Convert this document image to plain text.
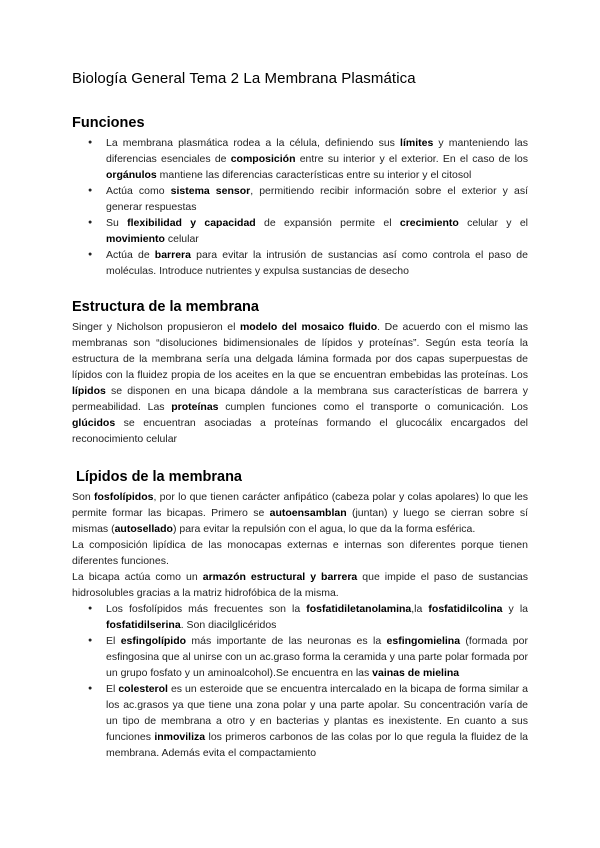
Biología General Tema 2 La Membrana Plasmática
Funciones
● La membrana plasmática rodea a la célula, definiendo sus límites y manteniendo las diferencias esenciales de composición entre su interior y el exterior. En el caso de los orgánulos mantiene las diferencias características entre su interior y el citosol
● Actúa como sistema sensor, permitiendo recibir información sobre el exterior y así generar respuestas
● Su flexibilidad y capacidad de expansión permite el crecimiento celular y el movimiento celular
● Actúa de barrera para evitar la intrusión de sustancias así como controla el paso de moléculas. Introduce nutrientes y expulsa sustancias de desecho
Estructura de la membrana

Singer y Nicholson propusieron el modelo del mosaico fluido. De acuerdo con el mismo las membranas son “disoluciones bidimensionales de lípidos y proteínas”. Según esta teoría la estructura de la membrana sería una delgada lámina formada por dos capas superpuestas de lípidos con la fluidez propia de los aceites en la que se encuentran embebidas las proteínas. Los lípidos se disponen en una bicapa dándole a la membrana sus características de barrera y permeabilidad. Las proteínas cumplen funciones como el transporte o comunicación. Los glúcidos se encuentran asociadas a proteínas formando el glucocálix encargados del reconocimiento celular

Lípidos de la membrana

Son fosfolípidos, por lo que tienen carácter anfipático (cabeza polar y colas apolares) lo que les permite formar las bicapas. Primero se autoensamblan (juntan) y luego se cierran sobre sí mismas (autosellado) para evitar la repulsión con el agua, lo que da la forma esférica.

La composición lipídica de las monocapas externas e internas son diferentes porque tienen diferentes funciones.

La bicapa actúa como un armazón estructural y barrera que impide el paso de sustancias hidrosolubles gracias a la matriz hidrofóbica de la misma.

● Los fosfolípidos más frecuentes son la fosfatidiletanolamina,la fosfatidilcolina y la fosfatidilserina. Son diacilglicéridos
● El esfingolípido más importante de las neuronas es la esfingomielina (formada por esfingosina que al unirse con un ac.graso forma la ceramida y una parte polar formada por un grupo fosfato y un aminoalcohol).Se encuentra en las vainas de mielina
● El colesterol es un esteroide que se encuentra intercalado en la bicapa de forma similar a los ac.grasos ya que tiene una zona polar y una parte apolar. Su concentración varía de un tipo de membrana a otro y en bacterias y plantas es inexistente. En cuanto a sus funciones inmoviliza los primeros carbonos de las colas por lo que regula la fluidez de la membrana. Además evita el compactamiento
